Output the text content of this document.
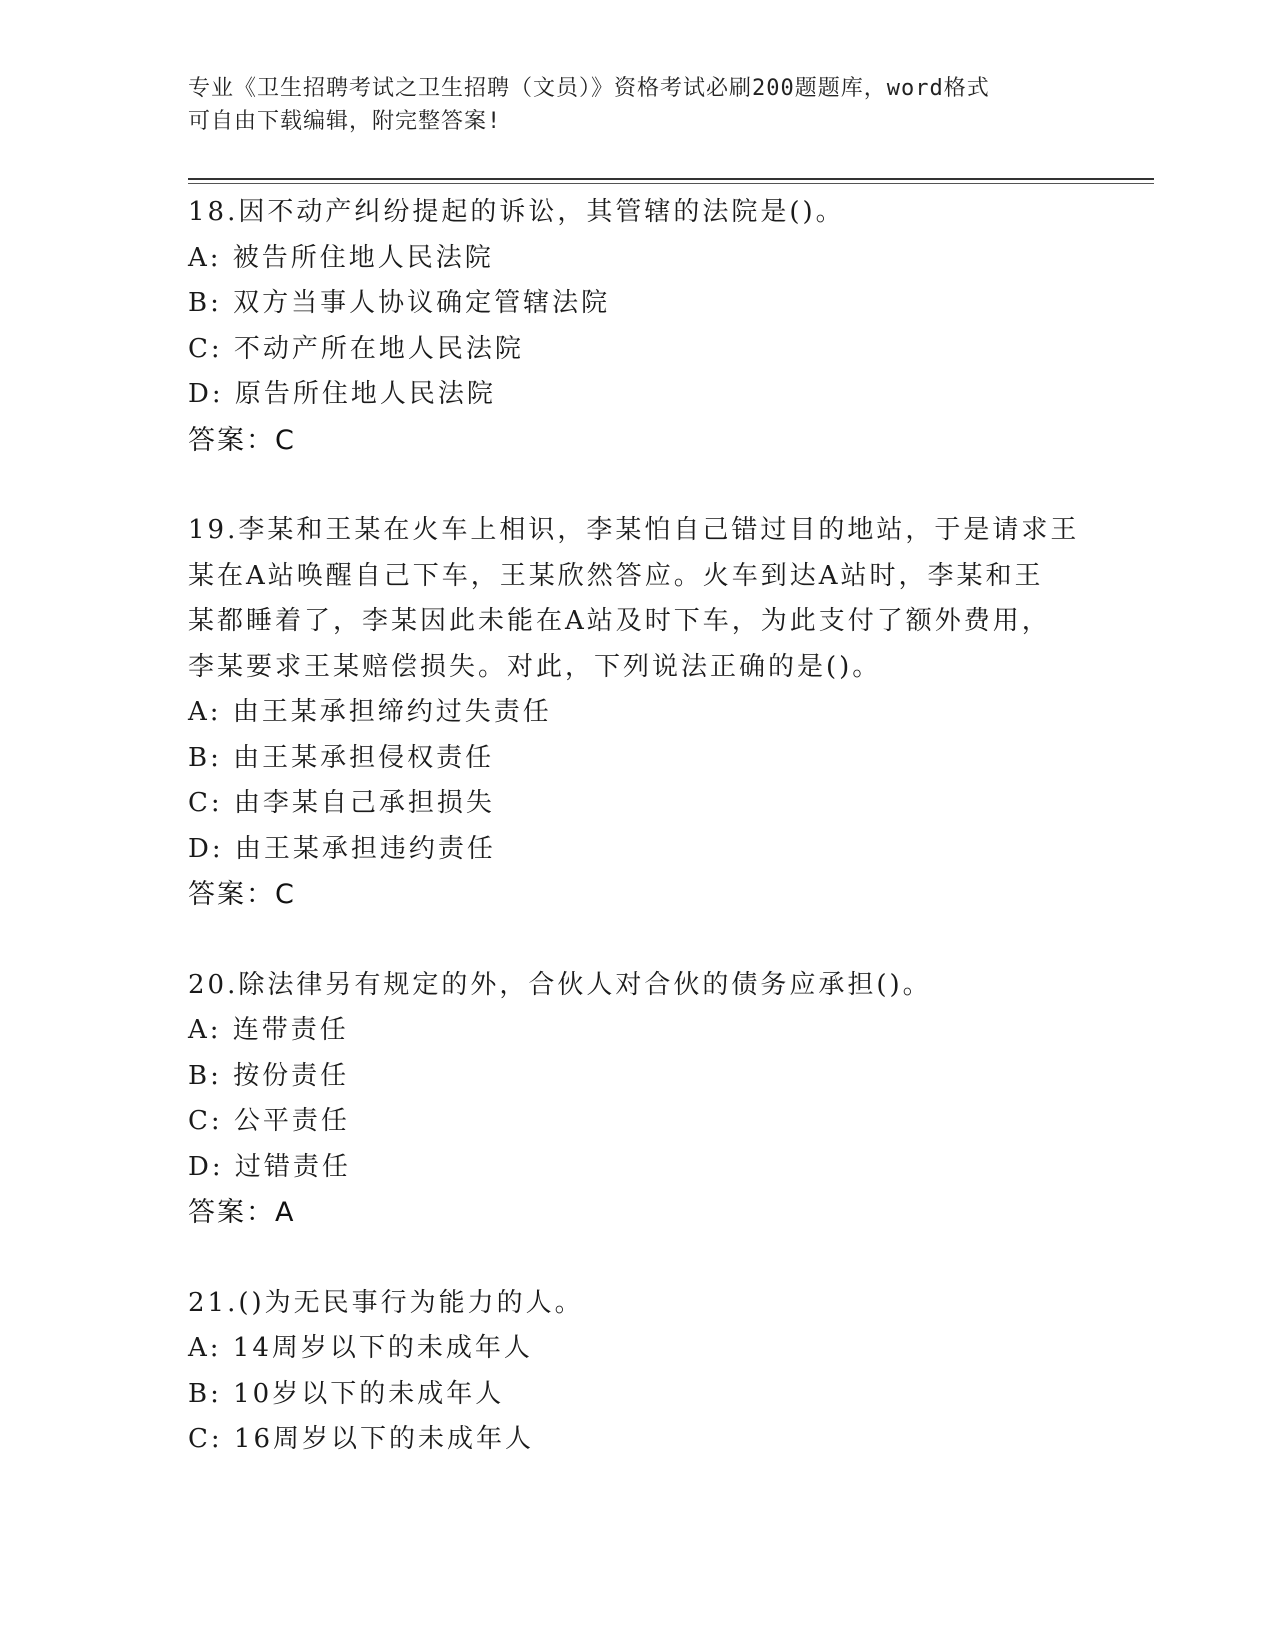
专业《卫生招聘考试之卫生招聘（文员）》资格考试必刷200题题库，word格式
可自由下载编辑，附完整答案!
18.因不动产纠纷提起的诉讼，其管辖的法院是()。
A: 被告所住地人民法院
B: 双方当事人协议确定管辖法院
C: 不动产所在地人民法院
D: 原告所住地人民法院
答案：C
19.李某和王某在火车上相识，李某怕自己错过目的地站，于是请求王
某在A站唤醒自己下车，王某欣然答应。火车到达A站时，李某和王
某都睡着了，李某因此未能在A站及时下车，为此支付了额外费用，
李某要求王某赔偿损失。对此，下列说法正确的是()。
A: 由王某承担缔约过失责任
B: 由王某承担侵权责任
C: 由李某自己承担损失
D: 由王某承担违约责任
答案：C
20.除法律另有规定的外，合伙人对合伙的债务应承担()。
A: 连带责任
B: 按份责任
C: 公平责任
D: 过错责任
答案：A
21.()为无民事行为能力的人。
A: 14周岁以下的未成年人
B: 10岁以下的未成年人
C: 16周岁以下的未成年人
